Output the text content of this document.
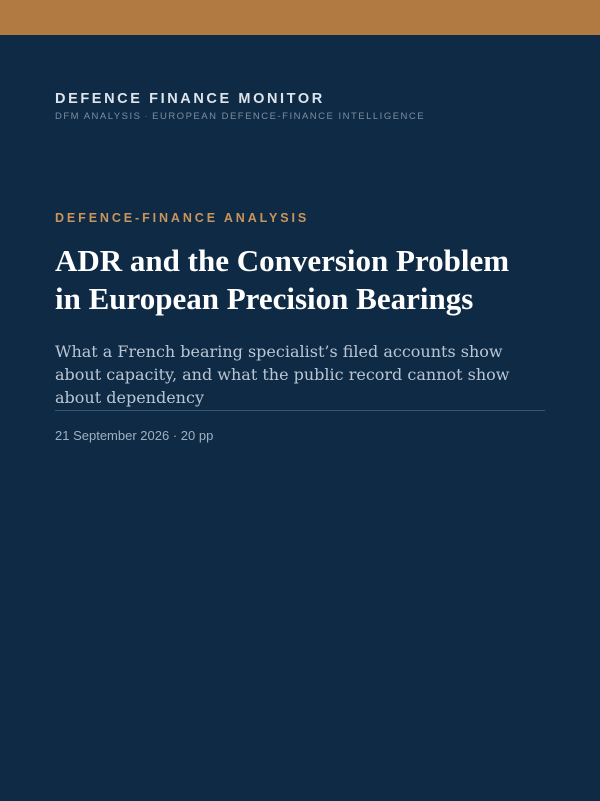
DEFENCE FINANCE MONITOR
DFM ANALYSIS · EUROPEAN DEFENCE-FINANCE INTELLIGENCE
DEFENCE-FINANCE ANALYSIS
ADR and the Conversion Problem
in European Precision Bearings
What a French bearing specialist’s filed accounts show about capacity, and what the public record cannot show about dependency
21 September 2026 · 20 pp
